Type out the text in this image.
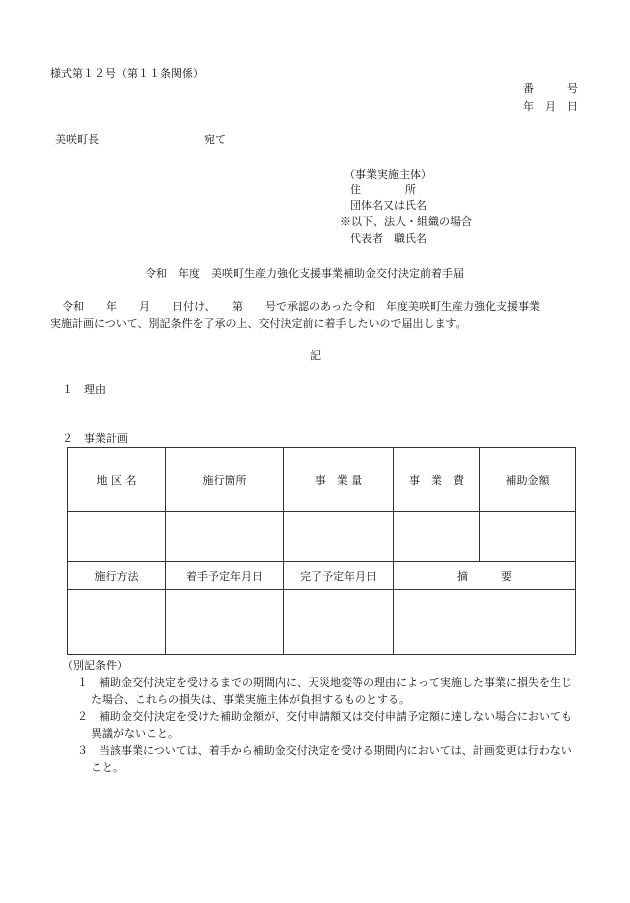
様式第１２号（第１１条関係）
番　　　号
年　月　日
美咲町長	宛て
（事業実施主体）
住　　　　所
団体名又は氏名
※以下、法人・組織の場合
代表者　職氏名
令和　年度　美咲町生産力強化支援事業補助金交付決定前着手届
令和　　年　　月　　日付け、　　第　　号で承認のあった令和　年度美咲町生産力強化支援事業
実施計画について、別記条件を了承の上、交付決定前に着手したいので届出します。
記
１　理由
２　事業計画
地 区 名	施行箇所	事　業 量	事　業　費	補助金額

施行方法	着手予定年月日	完了予定年月日	摘　　　要	

（別記条件）
１　補助金交付決定を受けるまでの期間内に、天災地変等の理由によって実施した事業に損失を生じた場合、これらの損失は、事業実施主体が負担するものとする。
２　補助金交付決定を受けた補助金額が、交付申請額又は交付申請予定額に達しない場合においても異議がないこと。
３　当該事業については、着手から補助金交付決定を受ける期間内においては、計画変更は行わないこと。
